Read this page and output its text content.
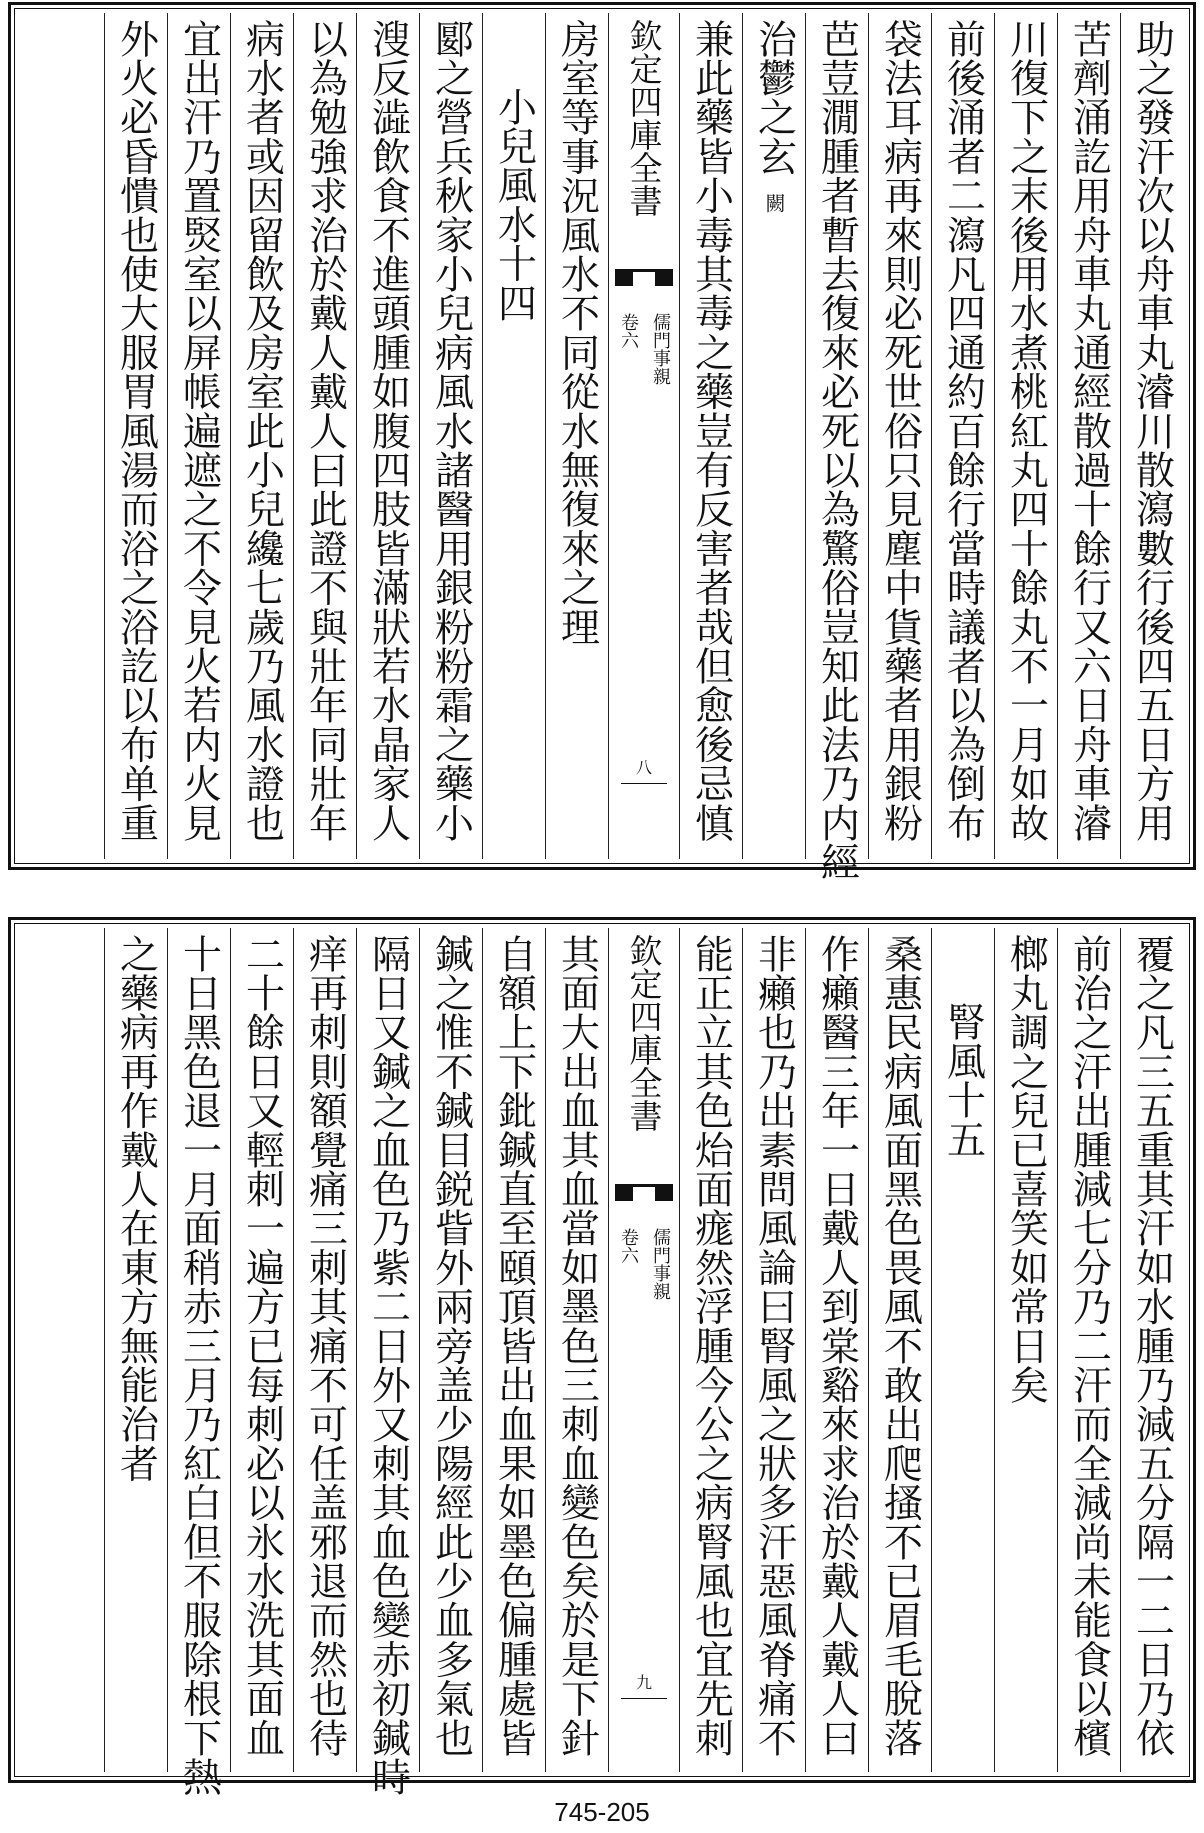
助之發汗次以舟車丸濬川散瀉數行後四五日方用
苦劑涌訖用舟車丸通經散過十餘行又六日舟車濬
川復下之末後用水煮桃紅丸四十餘丸不一月如故
前後涌者二瀉凡四通約百餘行當時議者以為倒布
袋法耳病再來則必死世俗只見塵中貨藥者用銀粉
芭荳㵎腫者暫去復來必死以為驚俗豈知此法乃内經
治鬱之玄
闕
兼此藥皆小毒其毒之藥豈有反害者哉但愈後忌慎
欽定四庫全書
卷六 儒門事親
八
房室等事況風水不同從水無復來之理
小兒風水十四
郾之營兵秋家小兒病風水諸醫用銀粉粉霜之藥小
溲反澁飲食不進頭腫如腹四肢皆滿狀若水晶家人
以為勉強求治於戴人戴人曰此證不與壯年同壯年
病水者或因留飲及房室此小兒纔七歲乃風水證也
宜出汗乃置㷂室以屏帳遍遮之不令見火若内火見
外火必昏憒也使大服胃風湯而浴之浴訖以布单重
覆之凡三五重其汗如水腫乃減五分隔一二日乃依
前治之汗出腫減七分乃二汗而全減尚未能食以檳
榔丸調之兒已喜笑如常日矣
腎風十五
桑惠民病風面黑色畏風不敢出爬搔不已眉毛脫落
作癩醫三年一日戴人到棠谿來求治於戴人戴人曰
非癩也乃出素問風論曰腎風之狀多汗惡風脊痛不
能正立其色炲面痝然浮腫今公之病腎風也宜先刺
欽定四庫全書
卷六 儒門事親
九
其面大出血其血當如墨色三刺血變色矣於是下針
自額上下鈚鍼直至頤頂皆出血果如墨色偏腫處皆
鍼之惟不鍼目鋭眥外兩旁盖少陽經此少血多氣也
隔日又鍼之血色乃紫二日外又刺其血色變赤初鍼時
痒再刺則額覺痛三刺其痛不可任盖邪退而然也待
二十餘日又輕刺一遍方已每刺必以氷水洗其面血
十日黑色退一月面稍赤三月乃紅白但不服除根下熱
之藥病再作戴人在東方無能治者
745-205
